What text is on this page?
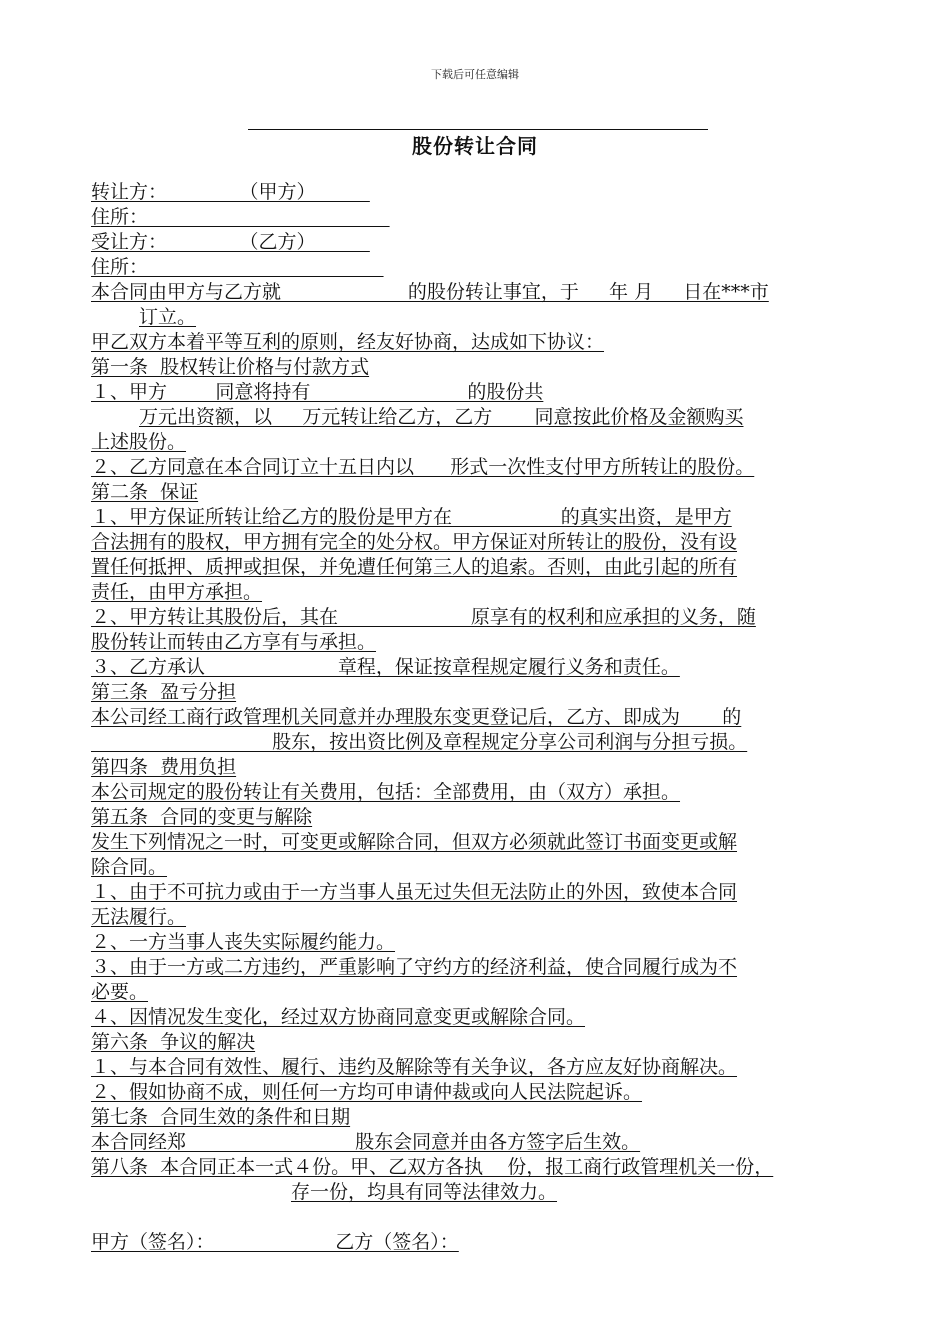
下载后可任意编辑
股份转让合同
转让方：            （甲方）
住所：
受让方：            （乙方）
住所：
本合同由甲方与乙方就                     的股份转让事宜，于     年 月     日在***市
订立。
甲乙双方本着平等互利的原则，经友好协商，达成如下协议：
第一条  股权转让价格与付款方式
１、甲方        同意将持有                          的股份共
万元出资额，以     万元转让给乙方，乙方       同意按此价格及金额购买
上述股份。
２、乙方同意在本合同订立十五日内以      形式一次性支付甲方所转让的股份。
第二条  保证
１、甲方保证所转让给乙方的股份是甲方在                  的真实出资，是甲方
合法拥有的股权，甲方拥有完全的处分权。甲方保证对所转让的股份，没有设
置任何抵押、质押或担保，并免遭任何第三人的追索。否则，由此引起的所有
责任，由甲方承担。
２、甲方转让其股份后，其在                      原享有的权利和应承担的义务，随
股份转让而转由乙方享有与承担。
３、乙方承认                      章程，保证按章程规定履行义务和责任。
第三条  盈亏分担
本公司经工商行政管理机关同意并办理股东变更登记后，乙方、即成为       的
股东，按出资比例及章程规定分享公司利润与分担亏损。
第四条  费用负担
本公司规定的股份转让有关费用，包括：全部费用，由（双方）承担。
第五条  合同的变更与解除
发生下列情况之一时，可变更或解除合同，但双方必须就此签订书面变更或解
除合同。
１、由于不可抗力或由于一方当事人虽无过失但无法防止的外因，致使本合同
无法履行。
２、一方当事人丧失实际履约能力。
３、由于一方或二方违约，严重影响了守约方的经济利益，使合同履行成为不
必要。
４、因情况发生变化，经过双方协商同意变更或解除合同。
第六条  争议的解决
１、与本合同有效性、履行、违约及解除等有关争议，各方应友好协商解决。
２、假如协商不成，则任何一方均可申请仲裁或向人民法院起诉。
第七条  合同生效的条件和日期
本合同经郑                            股东会同意并由各方签字后生效。
第八条  本合同正本一式４份。甲、乙双方各执    份，报工商行政管理机关一份，
存一份，均具有同等法律效力。
甲方（签名）：                    乙方（签名）：
